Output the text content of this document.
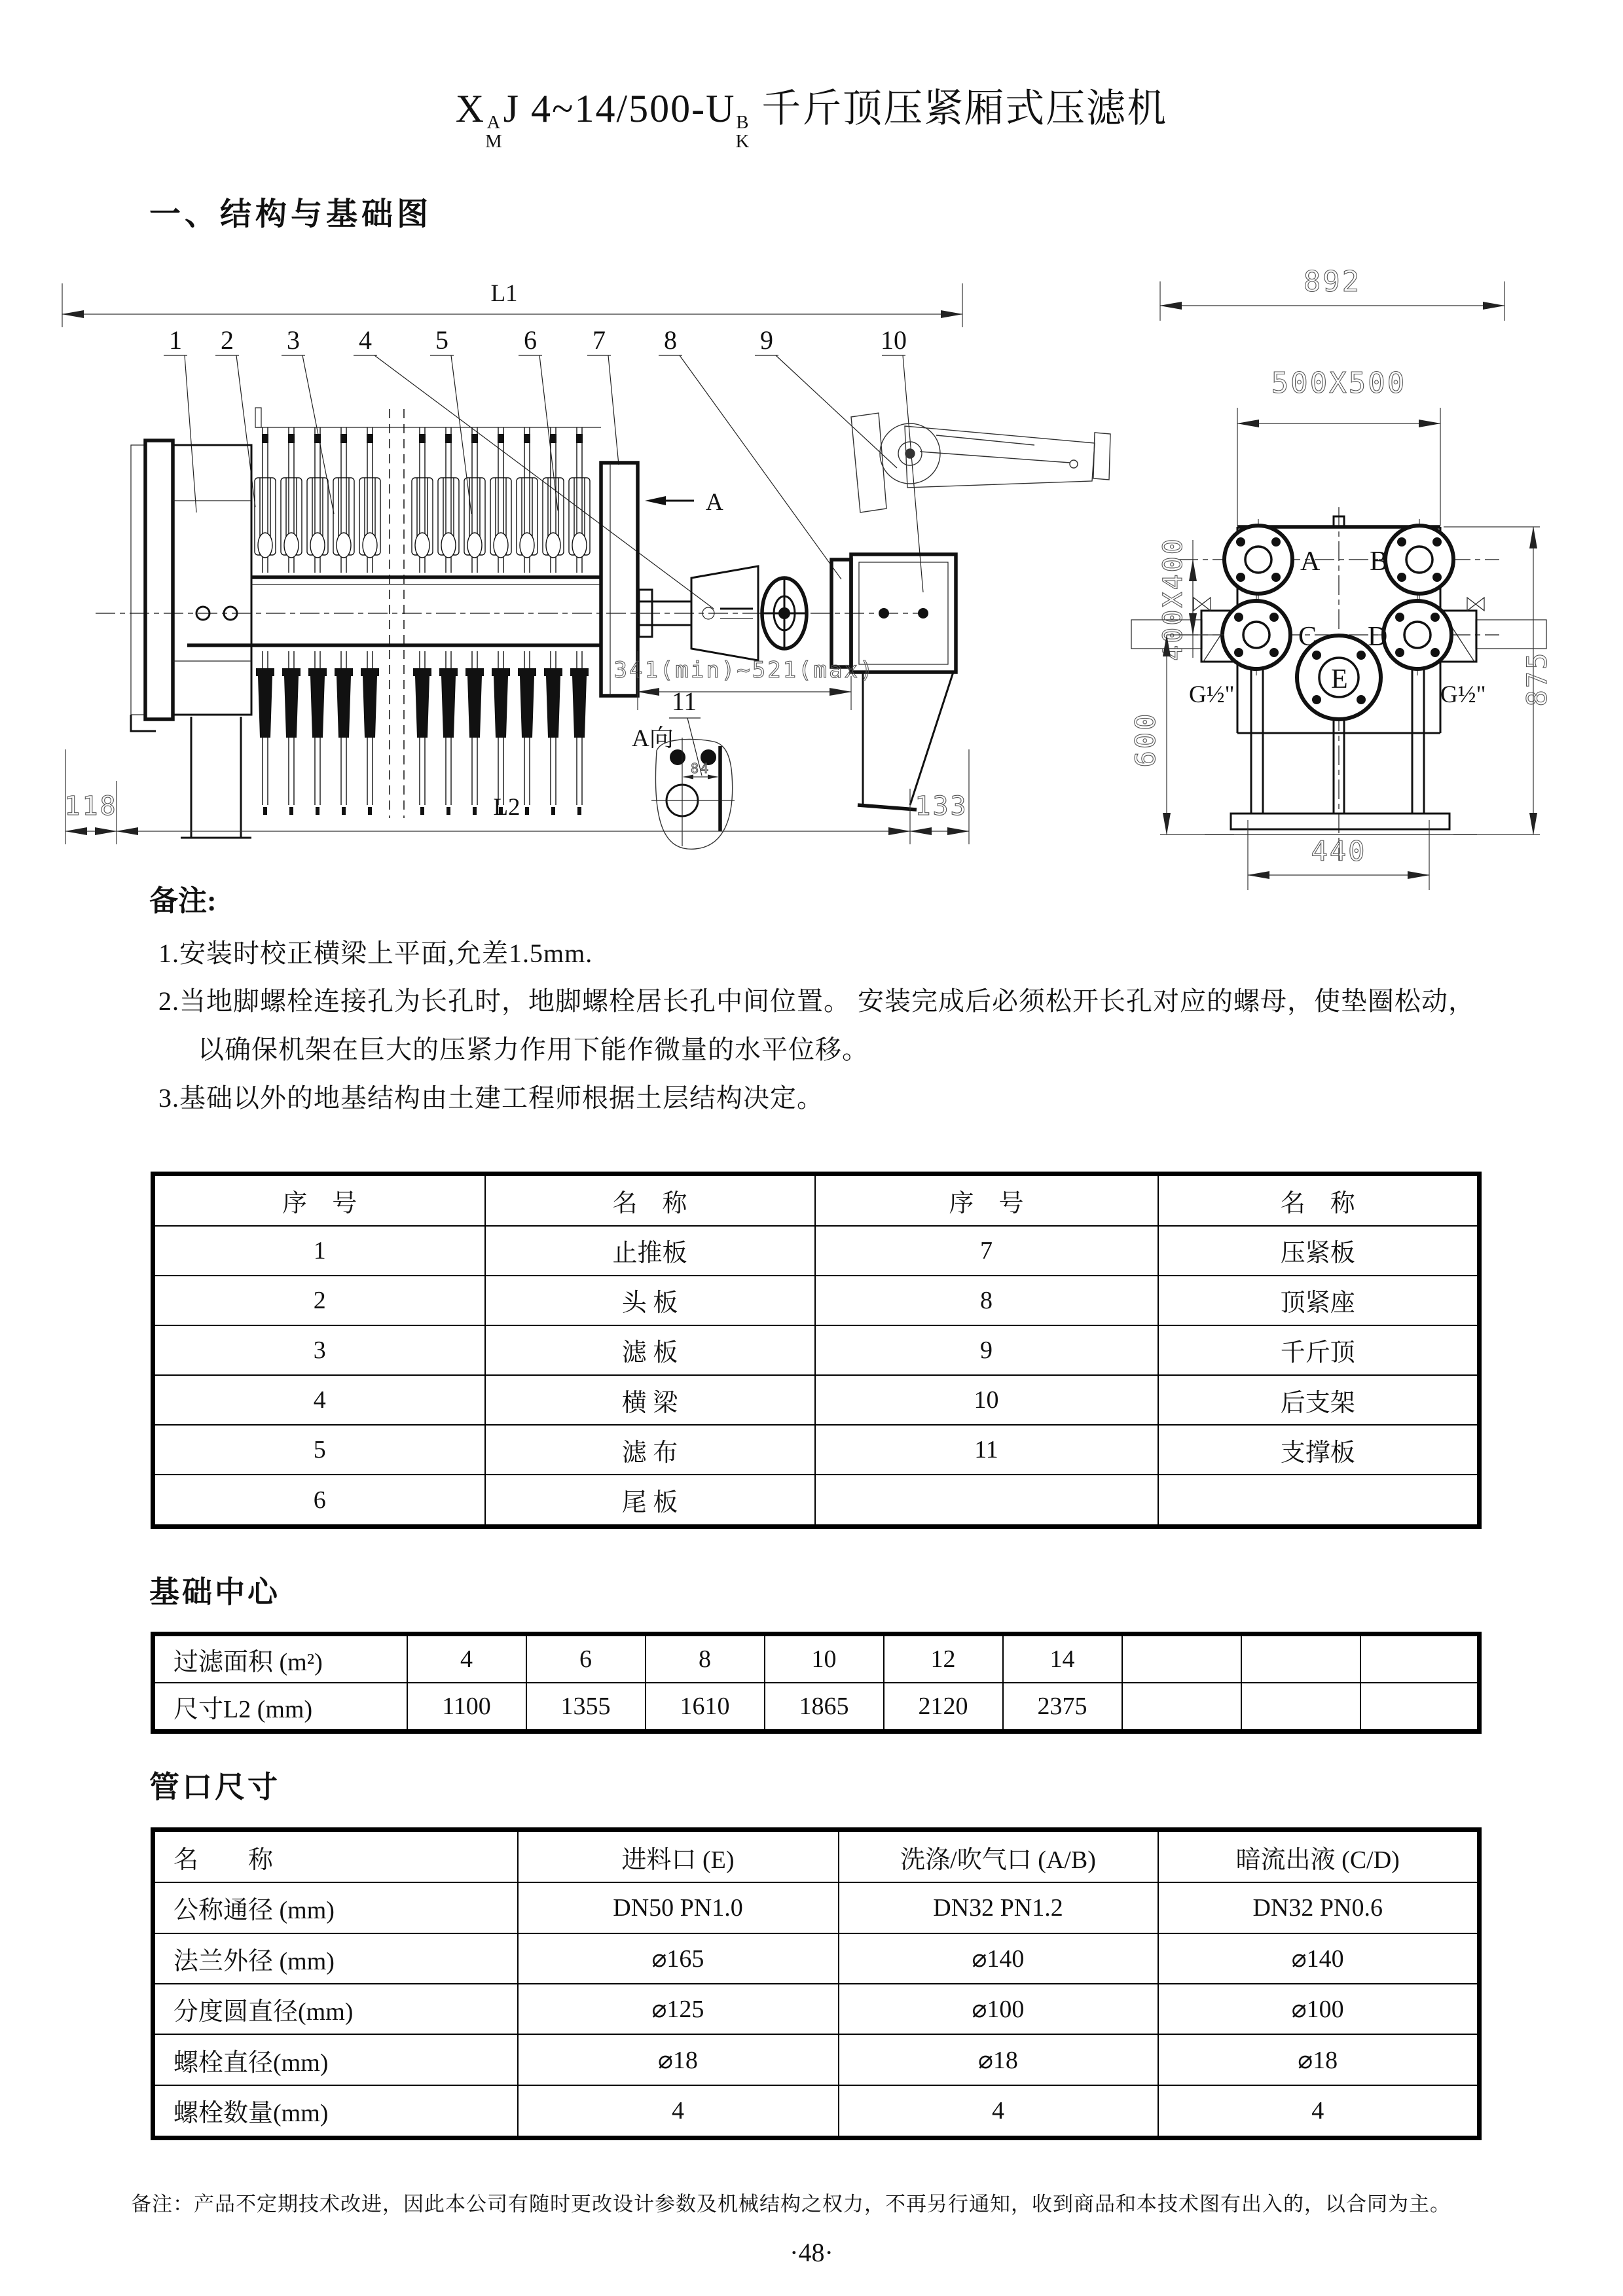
X A
M
J 4~14/500-U B
K
千斤顶压紧厢式压滤机
一、结构与基础图
L1
1 2 3 4 5	6 7 8	9	10
341(min)~521(max)
A
11
A向
84
118	L2	133
892
500X500
A B
C D
E
G½"	G½"
400X400
600
875
440
备注:
1.安装时校正横梁上平面,允差1.5mm.
2.当地脚螺栓连接孔为长孔时，地脚螺栓居长孔中间位置。 安装完成后必须松开长孔对应的螺母，使垫圈松动，
以确保机架在巨大的压紧力作用下能作微量的水平位移。
3.基础以外的地基结构由土建工程师根据土层结构决定。
序　号	名　称	序　号	名　称
1	止推板	7	压紧板
2	头 板	8	顶紧座
3	滤 板	9	千斤顶
4	横 梁	10	后支架
5	滤 布	11	支撑板
6	尾 板		
基础中心
过滤面积 (m²)	4	6	8	10	12	14			
尺寸L2 (mm)	1100	1355	1610	1865	2120	2375			
管口尺寸
名　　称	进料口 (E)	洗涤/吹气口 (A/B)	暗流出液 (C/D)
公称通径 (mm)	DN50 PN1.0	DN32 PN1.2	DN32 PN0.6
法兰外径 (mm)	⌀165	⌀140	⌀140
分度圆直径(mm)	⌀125	⌀100	⌀100
螺栓直径(mm)	⌀18	⌀18	⌀18
螺栓数量(mm)	4	4	4
备注：产品不定期技术改进，因此本公司有随时更改设计参数及机械结构之权力，不再另行通知，收到商品和本技术图有出入的，以合同为主。
·48·
